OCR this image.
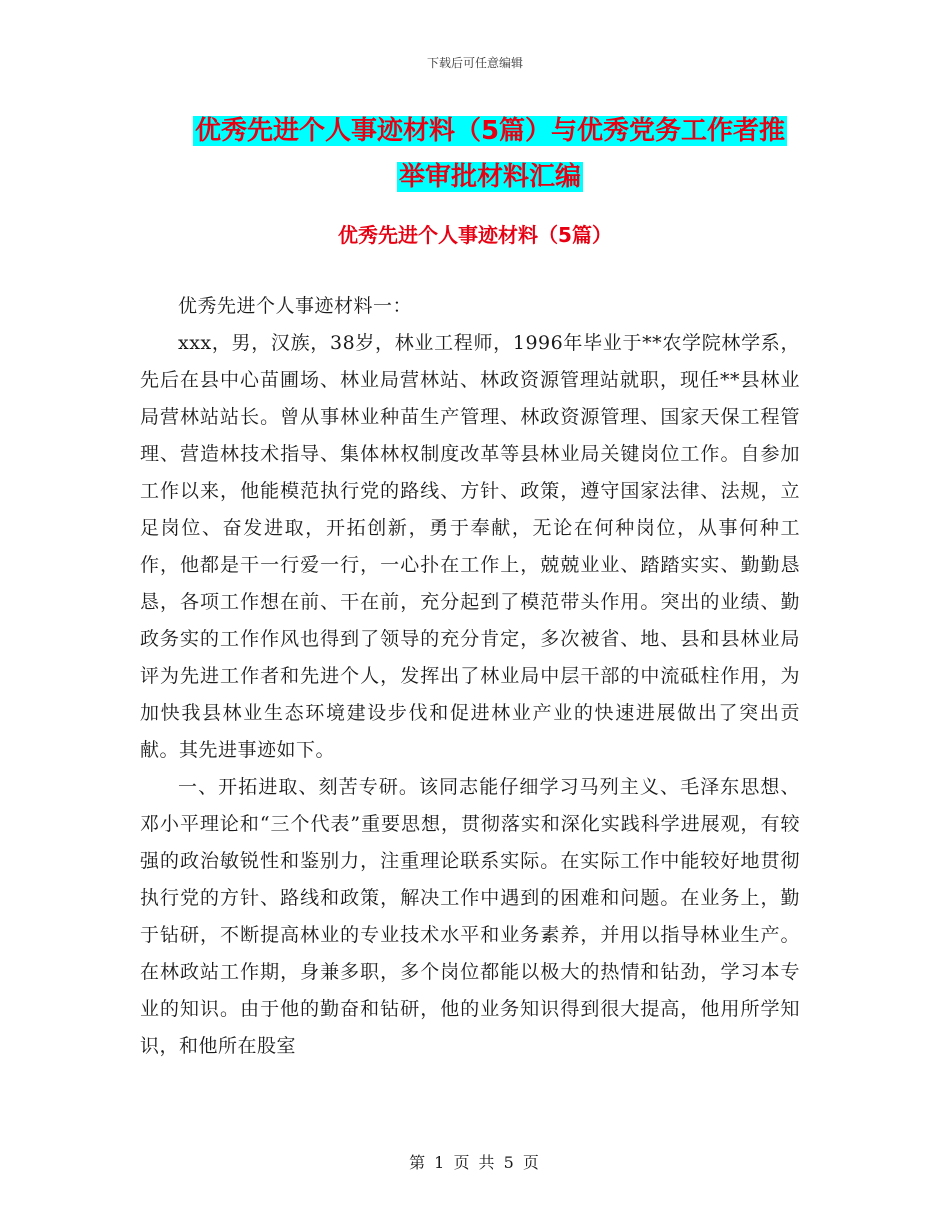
下载后可任意编辑
优秀先进个人事迹材料（5篇）与优秀党务工作者推
举审批材料汇编
优秀先进个人事迹材料（5篇）

优秀先进个人事迹材料一：

xxx，男，汉族，38岁，林业工程师，1996年毕业于**农学院林学系，先后在县中心苗圃场、林业局营林站、林政资源管理站就职，现任**县林业局营林站站长。曾从事林业种苗生产管理、林政资源管理、国家天保工程管理、营造林技术指导、集体林权制度改革等县林业局关键岗位工作。自参加工作以来，他能模范执行党的路线、方针、政策，遵守国家法律、法规，立足岗位、奋发进取，开拓创新，勇于奉献，无论在何种岗位，从事何种工作，他都是干一行爱一行，一心扑在工作上，兢兢业业、踏踏实实、勤勤恳恳，各项工作想在前、干在前，充分起到了模范带头作用。突出的业绩、勤政务实的工作作风也得到了领导的充分肯定，多次被省、地、县和县林业局评为先进工作者和先进个人，发挥出了林业局中层干部的中流砥柱作用，为加快我县林业生态环境建设步伐和促进林业产业的快速进展做出了突出贡献。其先进事迹如下。

一、开拓进取、刻苦专研。该同志能仔细学习马列主义、毛泽东思想、邓小平理论和“三个代表”重要思想，贯彻落实和深化实践科学进展观，有较强的政治敏锐性和鉴别力，注重理论联系实际。在实际工作中能较好地贯彻执行党的方针、路线和政策，解决工作中遇到的困难和问题。在业务上，勤于钻研，不断提高林业的专业技术水平和业务素养，并用以指导林业生产。在林政站工作期，身兼多职，多个岗位都能以极大的热情和钻劲，学习本专业的知识。由于他的勤奋和钻研，他的业务知识得到很大提高，他用所学知识，和他所在股室

第 1 页 共 5 页
